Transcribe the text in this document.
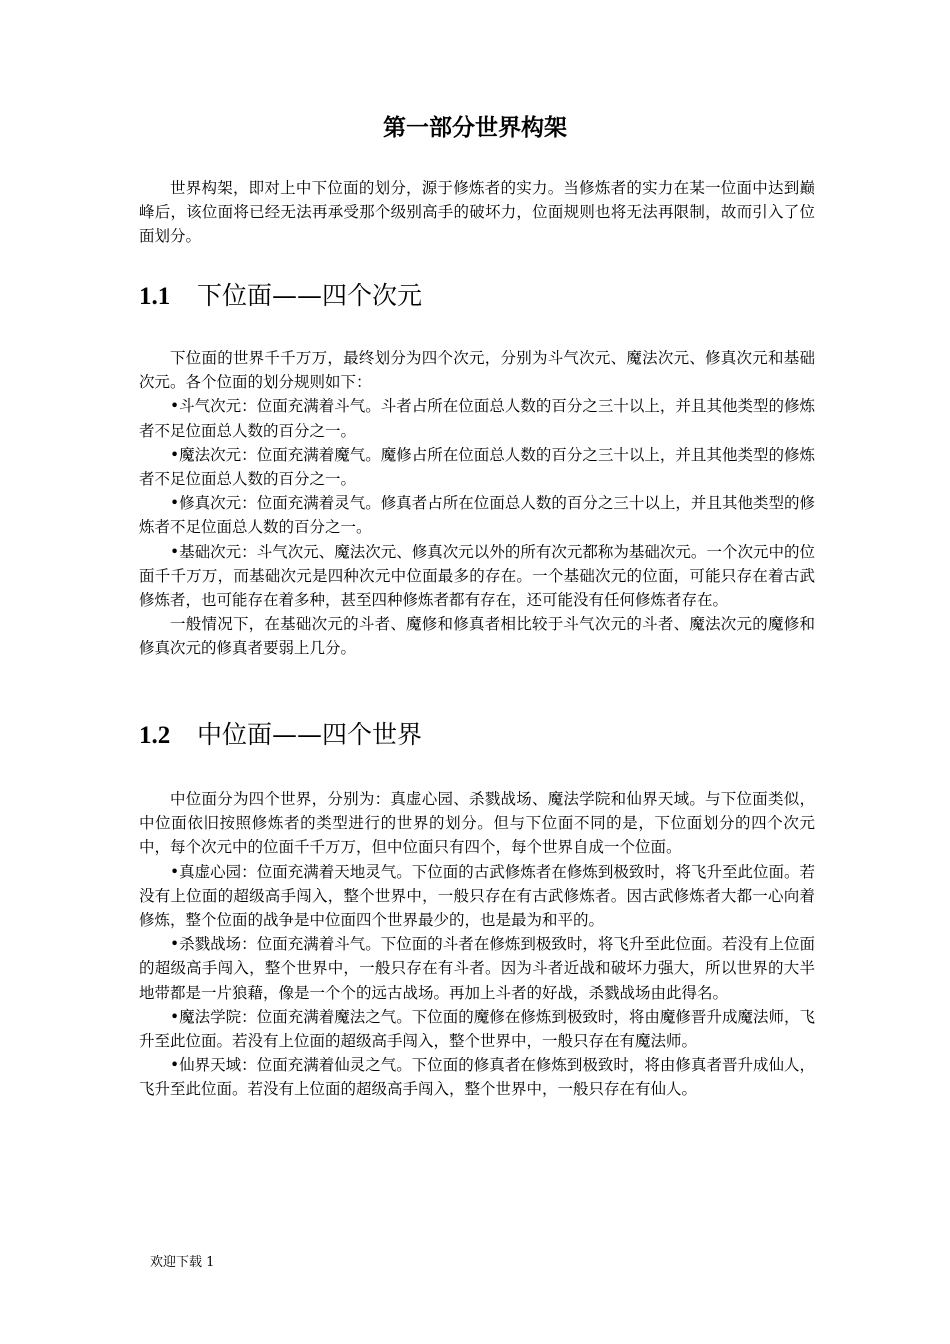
第一部分世界构架

世界构架，即对上中下位面的划分，源于修炼者的实力。当修炼者的实力在某一位面中达到巅峰后，该位面将已经无法再承受那个级别高手的破坏力，位面规则也将无法再限制，故而引入了位面划分。

1.1 下位面——四个次元

下位面的世界千千万万，最终划分为四个次元，分别为斗气次元、魔法次元、修真次元和基础次元。各个位面的划分规则如下：

•斗气次元：位面充满着斗气。斗者占所在位面总人数的百分之三十以上，并且其他类型的修炼者不足位面总人数的百分之一。

•魔法次元：位面充满着魔气。魔修占所在位面总人数的百分之三十以上，并且其他类型的修炼者不足位面总人数的百分之一。

•修真次元：位面充满着灵气。修真者占所在位面总人数的百分之三十以上，并且其他类型的修炼者不足位面总人数的百分之一。

•基础次元：斗气次元、魔法次元、修真次元以外的所有次元都称为基础次元。一个次元中的位面千千万万，而基础次元是四种次元中位面最多的存在。一个基础次元的位面，可能只存在着古武修炼者，也可能存在着多种，甚至四种修炼者都有存在，还可能没有任何修炼者存在。

一般情况下，在基础次元的斗者、魔修和修真者相比较于斗气次元的斗者、魔法次元的魔修和修真次元的修真者要弱上几分。

1.2 中位面——四个世界

中位面分为四个世界，分别为：真虚心园、杀戮战场、魔法学院和仙界天域。与下位面类似，中位面依旧按照修炼者的类型进行的世界的划分。但与下位面不同的是，下位面划分的四个次元中，每个次元中的位面千千万万，但中位面只有四个，每个世界自成一个位面。

•真虚心园：位面充满着天地灵气。下位面的古武修炼者在修炼到极致时，将飞升至此位面。若没有上位面的超级高手闯入，整个世界中，一般只存在有古武修炼者。因古武修炼者大都一心向着修炼，整个位面的战争是中位面四个世界最少的，也是最为和平的。

•杀戮战场：位面充满着斗气。下位面的斗者在修炼到极致时，将飞升至此位面。若没有上位面的超级高手闯入，整个世界中，一般只存在有斗者。因为斗者近战和破坏力强大，所以世界的大半地带都是一片狼藉，像是一个个的远古战场。再加上斗者的好战，杀戮战场由此得名。

•魔法学院：位面充满着魔法之气。下位面的魔修在修炼到极致时，将由魔修晋升成魔法师，飞升至此位面。若没有上位面的超级高手闯入，整个世界中，一般只存在有魔法师。

•仙界天域：位面充满着仙灵之气。下位面的修真者在修炼到极致时，将由修真者晋升成仙人，飞升至此位面。若没有上位面的超级高手闯入，整个世界中，一般只存在有仙人。

欢迎下载 1
